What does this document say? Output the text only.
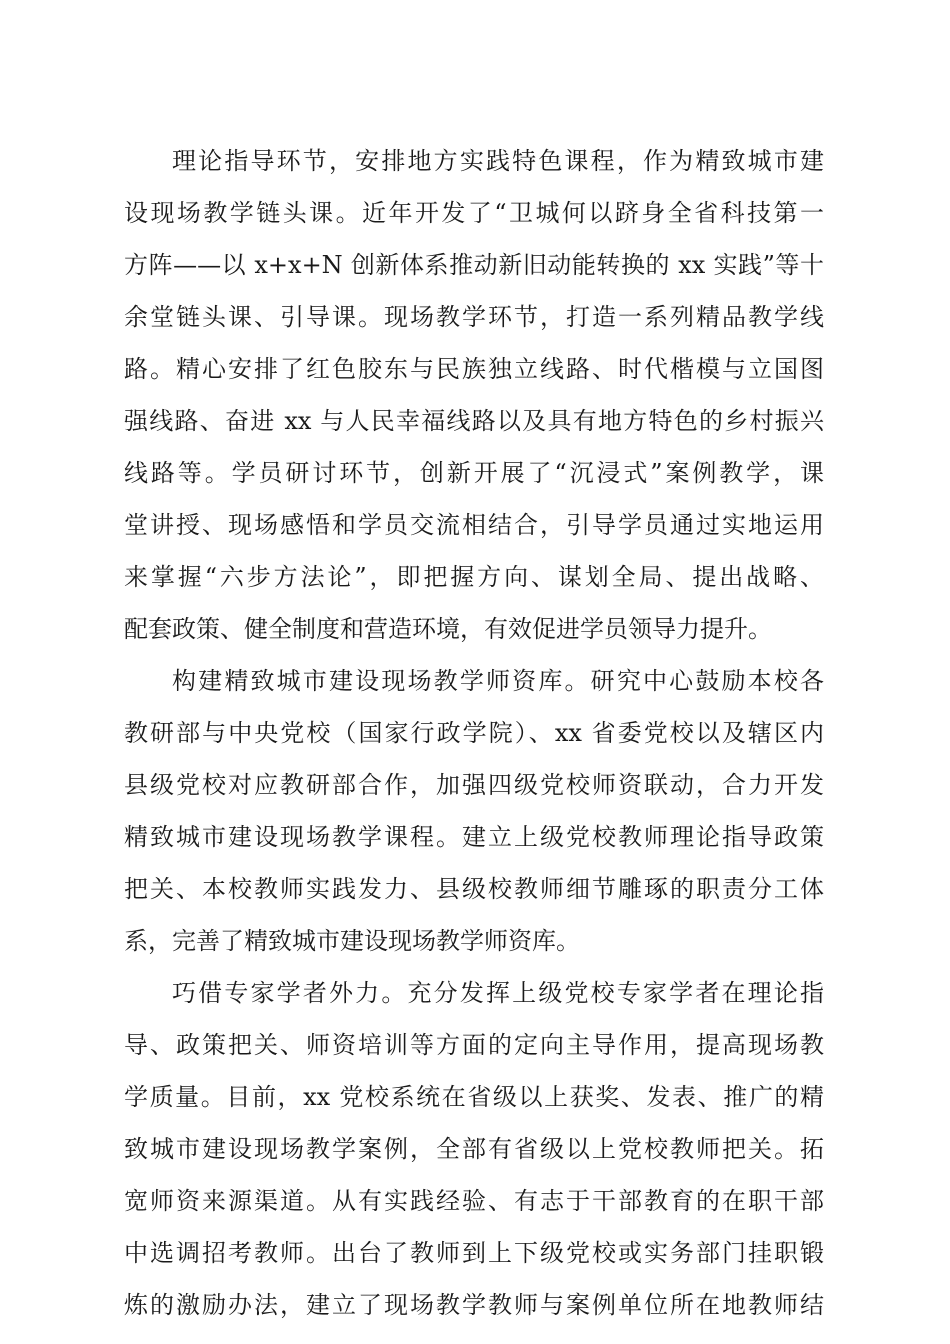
理论指导环节，安排地方实践特色课程，作为精致城市建
设现场教学链头课。近年开发了“卫城何以跻身全省科技第一
方阵——以 x+x+N 创新体系推动新旧动能转换的 xx 实践”等十
余堂链头课、引导课。现场教学环节，打造一系列精品教学线
路。精心安排了红色胶东与民族独立线路、时代楷模与立国图
强线路、奋进 xx 与人民幸福线路以及具有地方特色的乡村振兴
线路等。学员研讨环节，创新开展了“沉浸式”案例教学，课
堂讲授、现场感悟和学员交流相结合，引导学员通过实地运用
来掌握“六步方法论”，即把握方向、谋划全局、提出战略、
配套政策、健全制度和营造环境，有效促进学员领导力提升。
构建精致城市建设现场教学师资库。研究中心鼓励本校各
教研部与中央党校（国家行政学院）、xx 省委党校以及辖区内
县级党校对应教研部合作，加强四级党校师资联动，合力开发
精致城市建设现场教学课程。建立上级党校教师理论指导政策
把关、本校教师实践发力、县级校教师细节雕琢的职责分工体
系，完善了精致城市建设现场教学师资库。
巧借专家学者外力。充分发挥上级党校专家学者在理论指
导、政策把关、师资培训等方面的定向主导作用，提高现场教
学质量。目前，xx 党校系统在省级以上获奖、发表、推广的精
致城市建设现场教学案例，全部有省级以上党校教师把关。拓
宽师资来源渠道。从有实践经验、有志于干部教育的在职干部
中选调招考教师。出台了教师到上下级党校或实务部门挂职锻
炼的激励办法，建立了现场教学教师与案例单位所在地教师结
